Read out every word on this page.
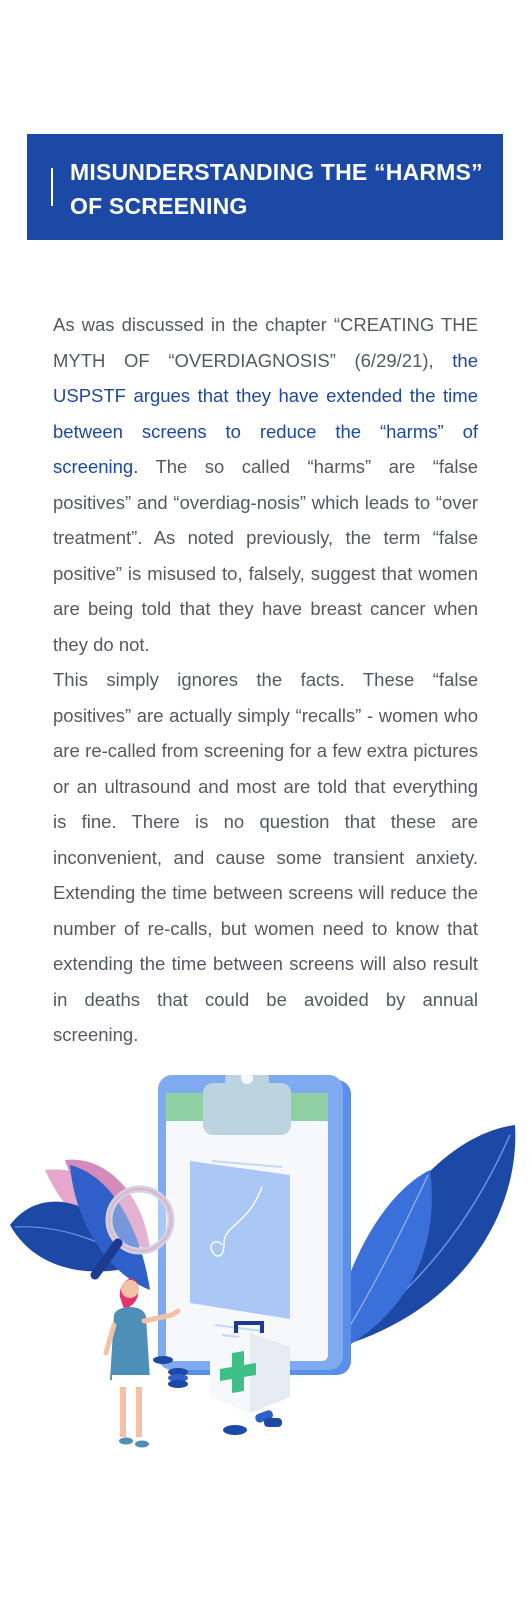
MISUNDERSTANDING THE “HARMS”
OF SCREENING

As was discussed in the chapter “CREATING THE MYTH OF “OVERDIAGNOSIS” (6/29/21), the USPSTF argues that they have extended the time between screens to reduce the “harms” of screening. The so called “harms” are “false positives” and “overdiag-nosis” which leads to “over treatment”. As noted previously, the term “false positive” is misused to, falsely, suggest that women are being told that they have breast cancer when they do not.

This simply ignores the facts. These “false positives” are actually simply “recalls” - women who are re-called from screening for a few extra pictures or an ultrasound and most are told that everything is fine. There is no question that these are inconvenient, and cause some transient anxiety. Extending the time between screens will reduce the number of re-calls, but women need to know that extending the time between screens will also result in deaths that could be avoided by annual screening.
